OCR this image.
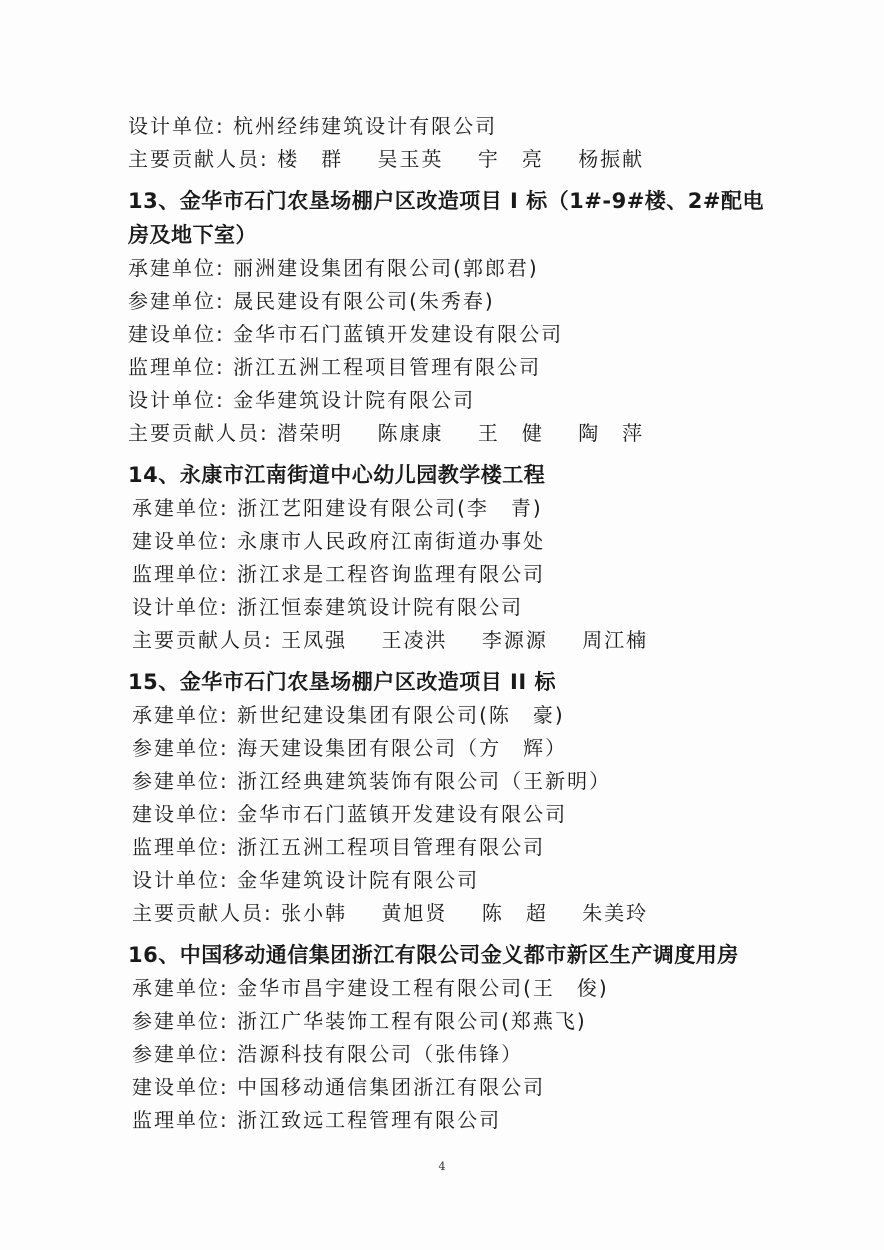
设计单位: 杭州经纬建筑设计有限公司
主要贡献人员: 楼　群 吴玉英 宇　亮 杨振献
13、金华市石门农垦场棚户区改造项目 I 标（1#-9#楼、2#配电
房及地下室）
承建单位: 丽洲建设集团有限公司(郭郎君)
参建单位: 晟民建设有限公司(朱秀春)
建设单位: 金华市石门蓝镇开发建设有限公司
监理单位: 浙江五洲工程项目管理有限公司
设计单位: 金华建筑设计院有限公司
主要贡献人员: 潜荣明 陈康康 王　健 陶　萍
14、永康市江南街道中心幼儿园教学楼工程
承建单位: 浙江艺阳建设有限公司(李　青)
建设单位: 永康市人民政府江南街道办事处
监理单位: 浙江求是工程咨询监理有限公司
设计单位: 浙江恒泰建筑设计院有限公司
主要贡献人员: 王凤强 王凌洪 李源源 周江楠
15、金华市石门农垦场棚户区改造项目 II 标
承建单位: 新世纪建设集团有限公司(陈　豪)
参建单位: 海天建设集团有限公司（方　辉）
参建单位: 浙江经典建筑装饰有限公司（王新明）
建设单位: 金华市石门蓝镇开发建设有限公司
监理单位: 浙江五洲工程项目管理有限公司
设计单位: 金华建筑设计院有限公司
主要贡献人员: 张小韩 黄旭贤 陈　超 朱美玲
16、中国移动通信集团浙江有限公司金义都市新区生产调度用房
承建单位: 金华市昌宇建设工程有限公司(王　俊)
参建单位: 浙江广华装饰工程有限公司(郑燕飞)
参建单位: 浩源科技有限公司（张伟锋）
建设单位: 中国移动通信集团浙江有限公司
监理单位: 浙江致远工程管理有限公司
4
